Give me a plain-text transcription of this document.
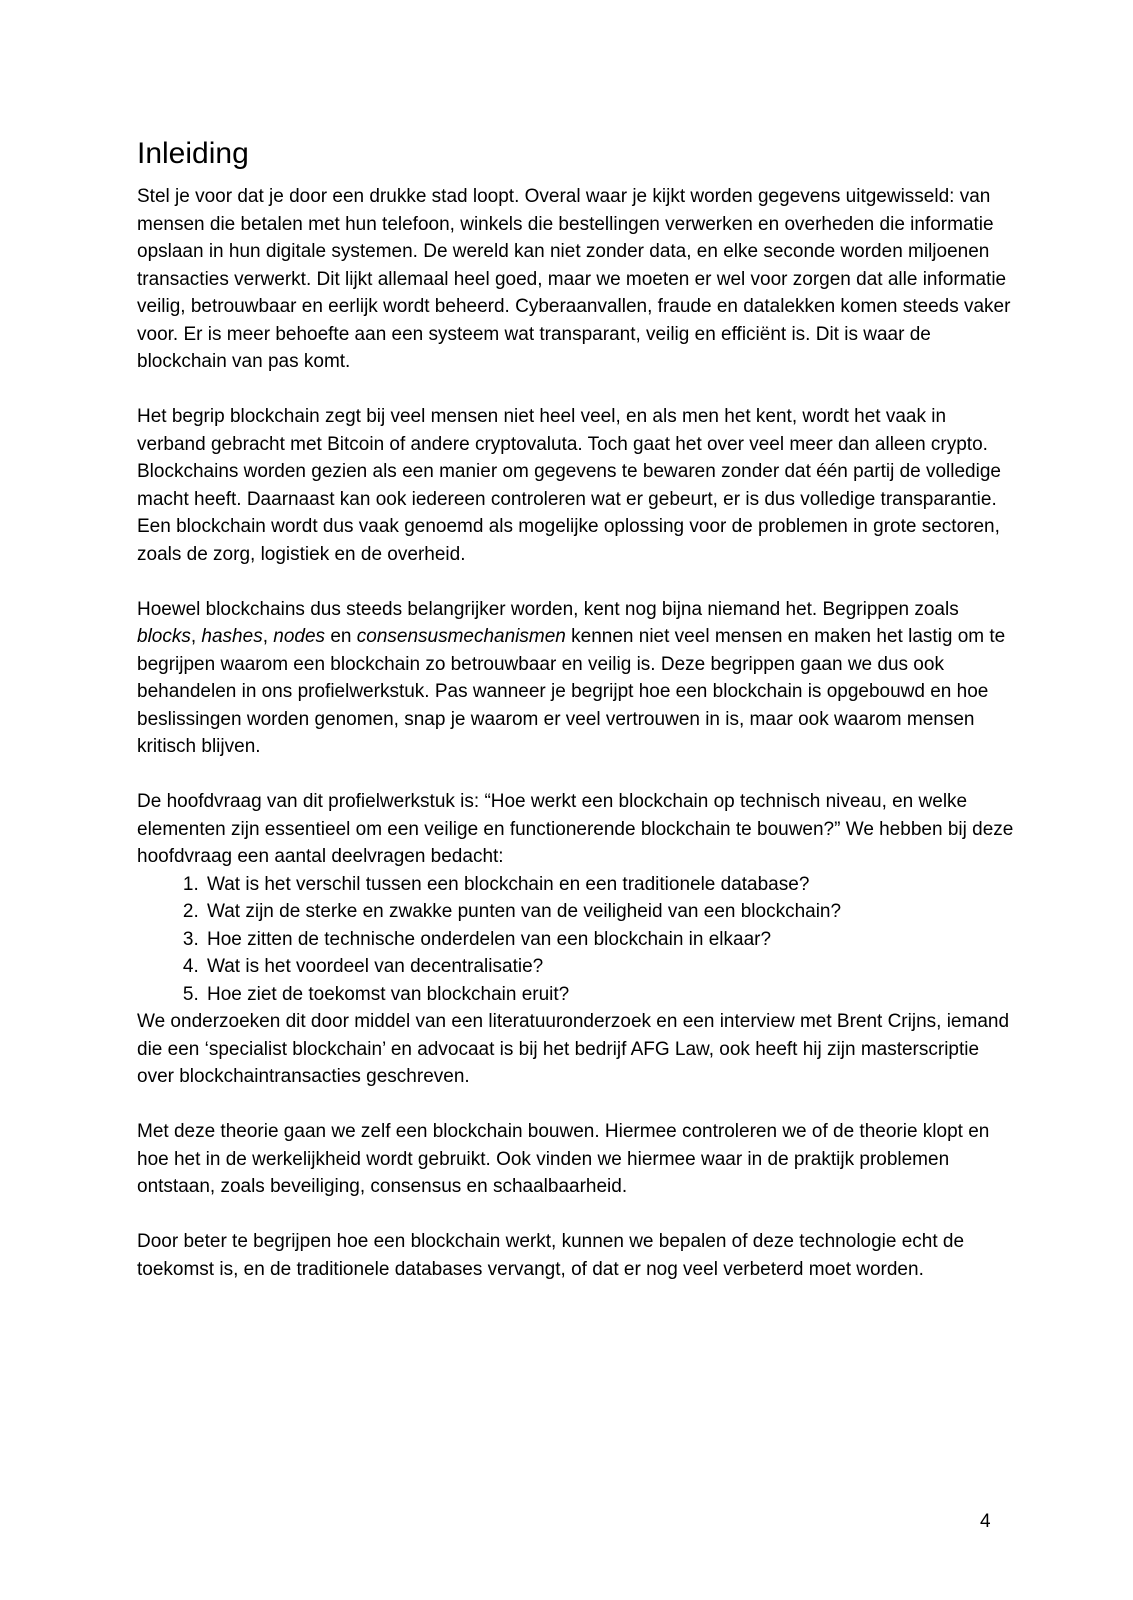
Inleiding

Stel je voor dat je door een drukke stad loopt. Overal waar je kijkt worden gegevens uitgewisseld: van mensen die betalen met hun telefoon, winkels die bestellingen verwerken en overheden die informatie opslaan in hun digitale systemen. De wereld kan niet zonder data, en elke seconde worden miljoenen transacties verwerkt. Dit lijkt allemaal heel goed, maar we moeten er wel voor zorgen dat alle informatie veilig, betrouwbaar en eerlijk wordt beheerd. Cyberaanvallen, fraude en datalekken komen steeds vaker voor. Er is meer behoefte aan een systeem wat transparant, veilig en efficiënt is. Dit is waar de blockchain van pas komt.

Het begrip blockchain zegt bij veel mensen niet heel veel, en als men het kent, wordt het vaak in verband gebracht met Bitcoin of andere cryptovaluta. Toch gaat het over veel meer dan alleen crypto. Blockchains worden gezien als een manier om gegevens te bewaren zonder dat één partij de volledige macht heeft. Daarnaast kan ook iedereen controleren wat er gebeurt, er is dus volledige transparantie. Een blockchain wordt dus vaak genoemd als mogelijke oplossing voor de problemen in grote sectoren, zoals de zorg, logistiek en de overheid.

Hoewel blockchains dus steeds belangrijker worden, kent nog bijna niemand het. Begrippen zoals blocks, hashes, nodes en consensusmechanismen kennen niet veel mensen en maken het lastig om te begrijpen waarom een blockchain zo betrouwbaar en veilig is. Deze begrippen gaan we dus ook behandelen in ons profielwerkstuk. Pas wanneer je begrijpt hoe een blockchain is opgebouwd en hoe beslissingen worden genomen, snap je waarom er veel vertrouwen in is, maar ook waarom mensen kritisch blijven.

De hoofdvraag van dit profielwerkstuk is: “Hoe werkt een blockchain op technisch niveau, en welke elementen zijn essentieel om een veilige en functionerende blockchain te bouwen?” We hebben bij deze hoofdvraag een aantal deelvragen bedacht:

1. Wat is het verschil tussen een blockchain en een traditionele database?
2. Wat zijn de sterke en zwakke punten van de veiligheid van een blockchain?
3. Hoe zitten de technische onderdelen van een blockchain in elkaar?
4. Wat is het voordeel van decentralisatie?
5. Hoe ziet de toekomst van blockchain eruit?

We onderzoeken dit door middel van een literatuuronderzoek en een interview met Brent Crijns, iemand die een ‘specialist blockchain’ en advocaat is bij het bedrijf AFG Law, ook heeft hij zijn masterscriptie over blockchaintransacties geschreven.

Met deze theorie gaan we zelf een blockchain bouwen. Hiermee controleren we of de theorie klopt en hoe het in de werkelijkheid wordt gebruikt. Ook vinden we hiermee waar in de praktijk problemen ontstaan, zoals beveiliging, consensus en schaalbaarheid.

Door beter te begrijpen hoe een blockchain werkt, kunnen we bepalen of deze technologie echt de toekomst is, en de traditionele databases vervangt, of dat er nog veel verbeterd moet worden.

4
